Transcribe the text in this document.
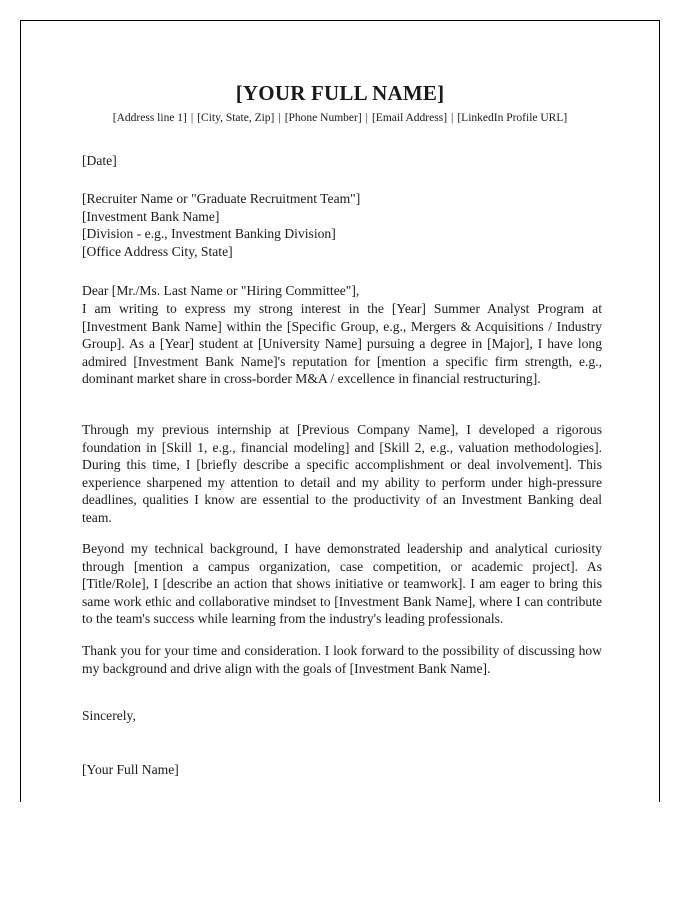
[YOUR FULL NAME]

[Address line 1] | [City, State, Zip] | [Phone Number] | [Email Address] | [LinkedIn Profile URL]

[Date]

[Recruiter Name or "Graduate Recruitment Team"]
[Investment Bank Name]
[Division - e.g., Investment Banking Division]
[Office Address City, State]

Dear [Mr./Ms. Last Name or "Hiring Committee"],

I am writing to express my strong interest in the [Year] Summer Analyst Program at [Investment Bank Name] within the [Specific Group, e.g., Mergers & Acquisitions / Industry Group]. As a [Year] student at [University Name] pursuing a degree in [Major], I have long admired [Investment Bank Name]'s reputation for [mention a specific firm strength, e.g., dominant market share in cross-border M&A / excellence in financial restructuring].

Through my previous internship at [Previous Company Name], I developed a rigorous foundation in [Skill 1, e.g., financial modeling] and [Skill 2, e.g., valuation methodologies]. During this time, I [briefly describe a specific accomplishment or deal involvement]. This experience sharpened my attention to detail and my ability to perform under high-pressure deadlines, qualities I know are essential to the productivity of an Investment Banking deal team.

Beyond my technical background, I have demonstrated leadership and analytical curiosity through [mention a campus organization, case competition, or academic project]. As [Title/Role], I [describe an action that shows initiative or teamwork]. I am eager to bring this same work ethic and collaborative mindset to [Investment Bank Name], where I can contribute to the team's success while learning from the industry's leading professionals.

Thank you for your time and consideration. I look forward to the possibility of discussing how my background and drive align with the goals of [Investment Bank Name].

Sincerely,

[Your Full Name]
